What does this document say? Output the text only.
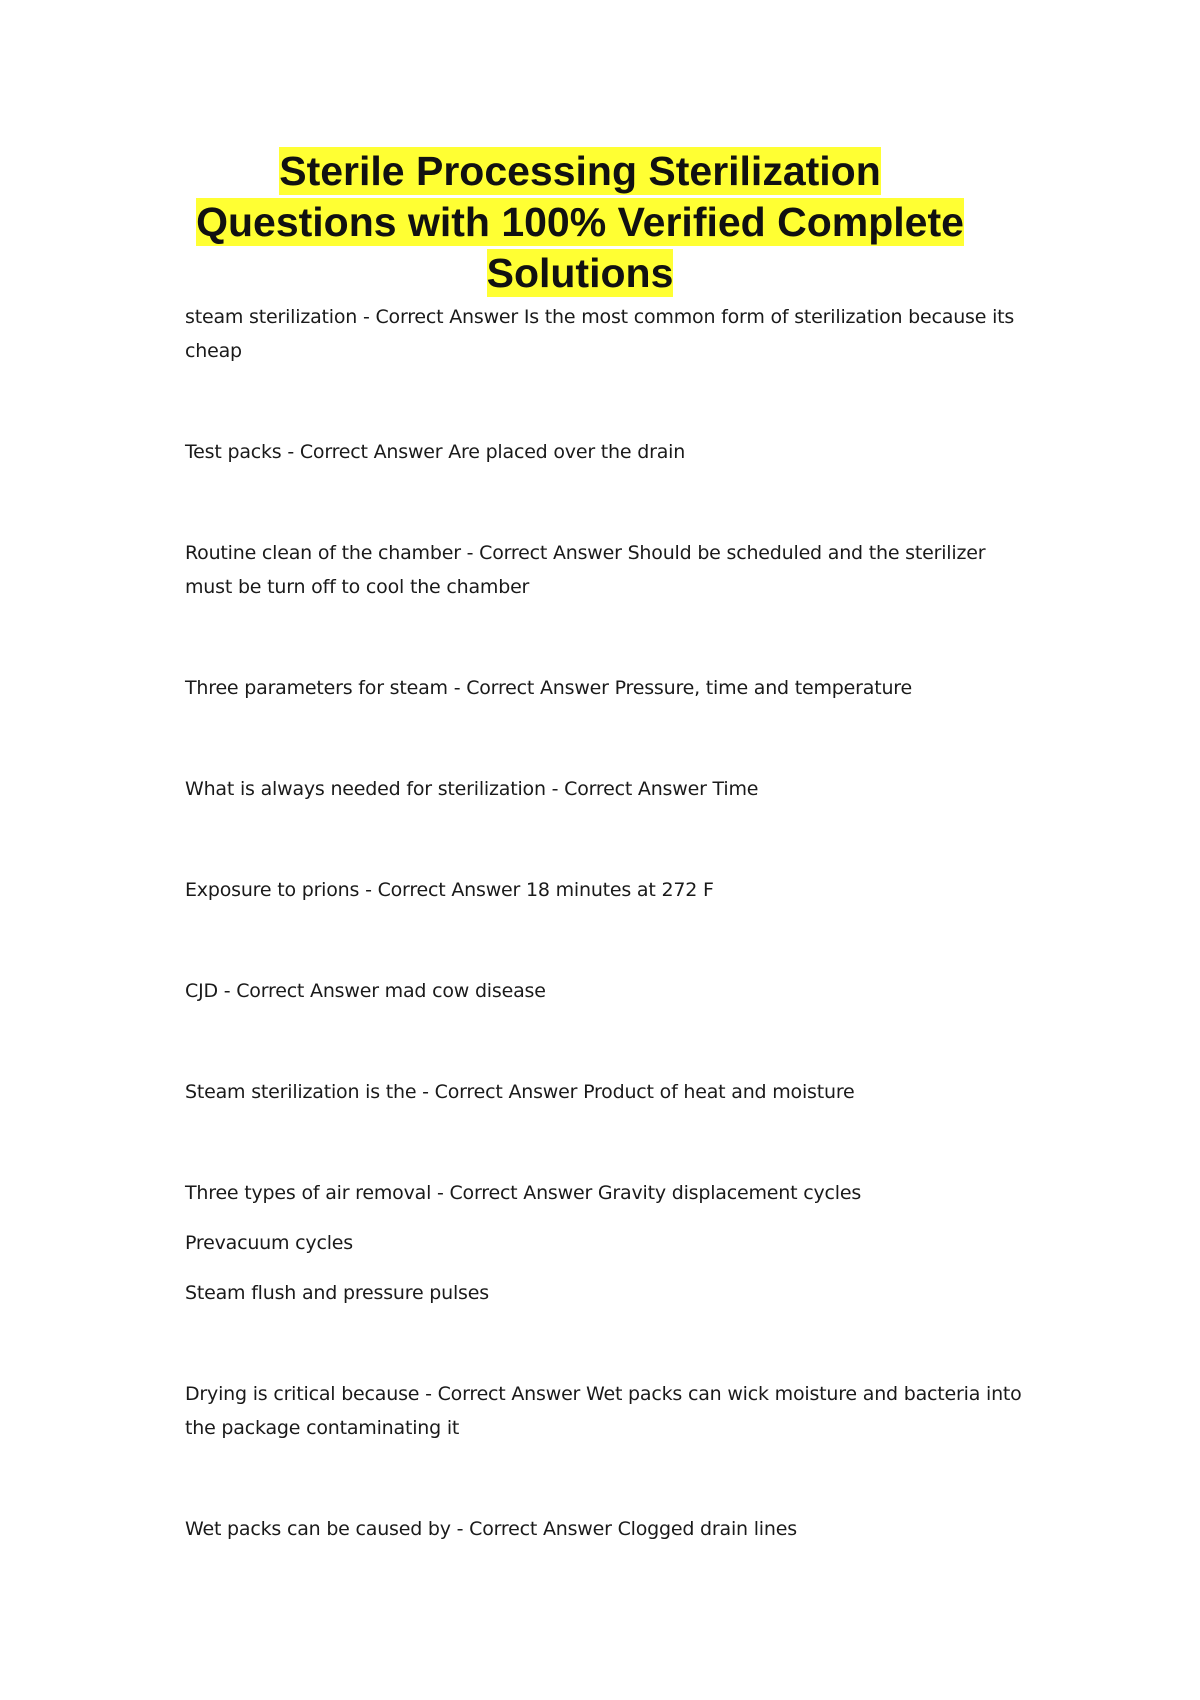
Sterile Processing Sterilization
Questions with 100% Verified Complete
Solutions

steam sterilization - Correct Answer Is the most common form of sterilization because its cheap

Test packs - Correct Answer Are placed over the drain

Routine clean of the chamber - Correct Answer Should be scheduled and the sterilizer must be turn off to cool the chamber

Three parameters for steam - Correct Answer Pressure, time and temperature

What is always needed for sterilization - Correct Answer Time

Exposure to prions - Correct Answer 18 minutes at 272 F

CJD - Correct Answer mad cow disease

Steam sterilization is the - Correct Answer Product of heat and moisture

Three types of air removal - Correct Answer Gravity displacement cycles

Prevacuum cycles

Steam flush and pressure pulses

Drying is critical because - Correct Answer Wet packs can wick moisture and bacteria into the package contaminating it

Wet packs can be caused by - Correct Answer Clogged drain lines
